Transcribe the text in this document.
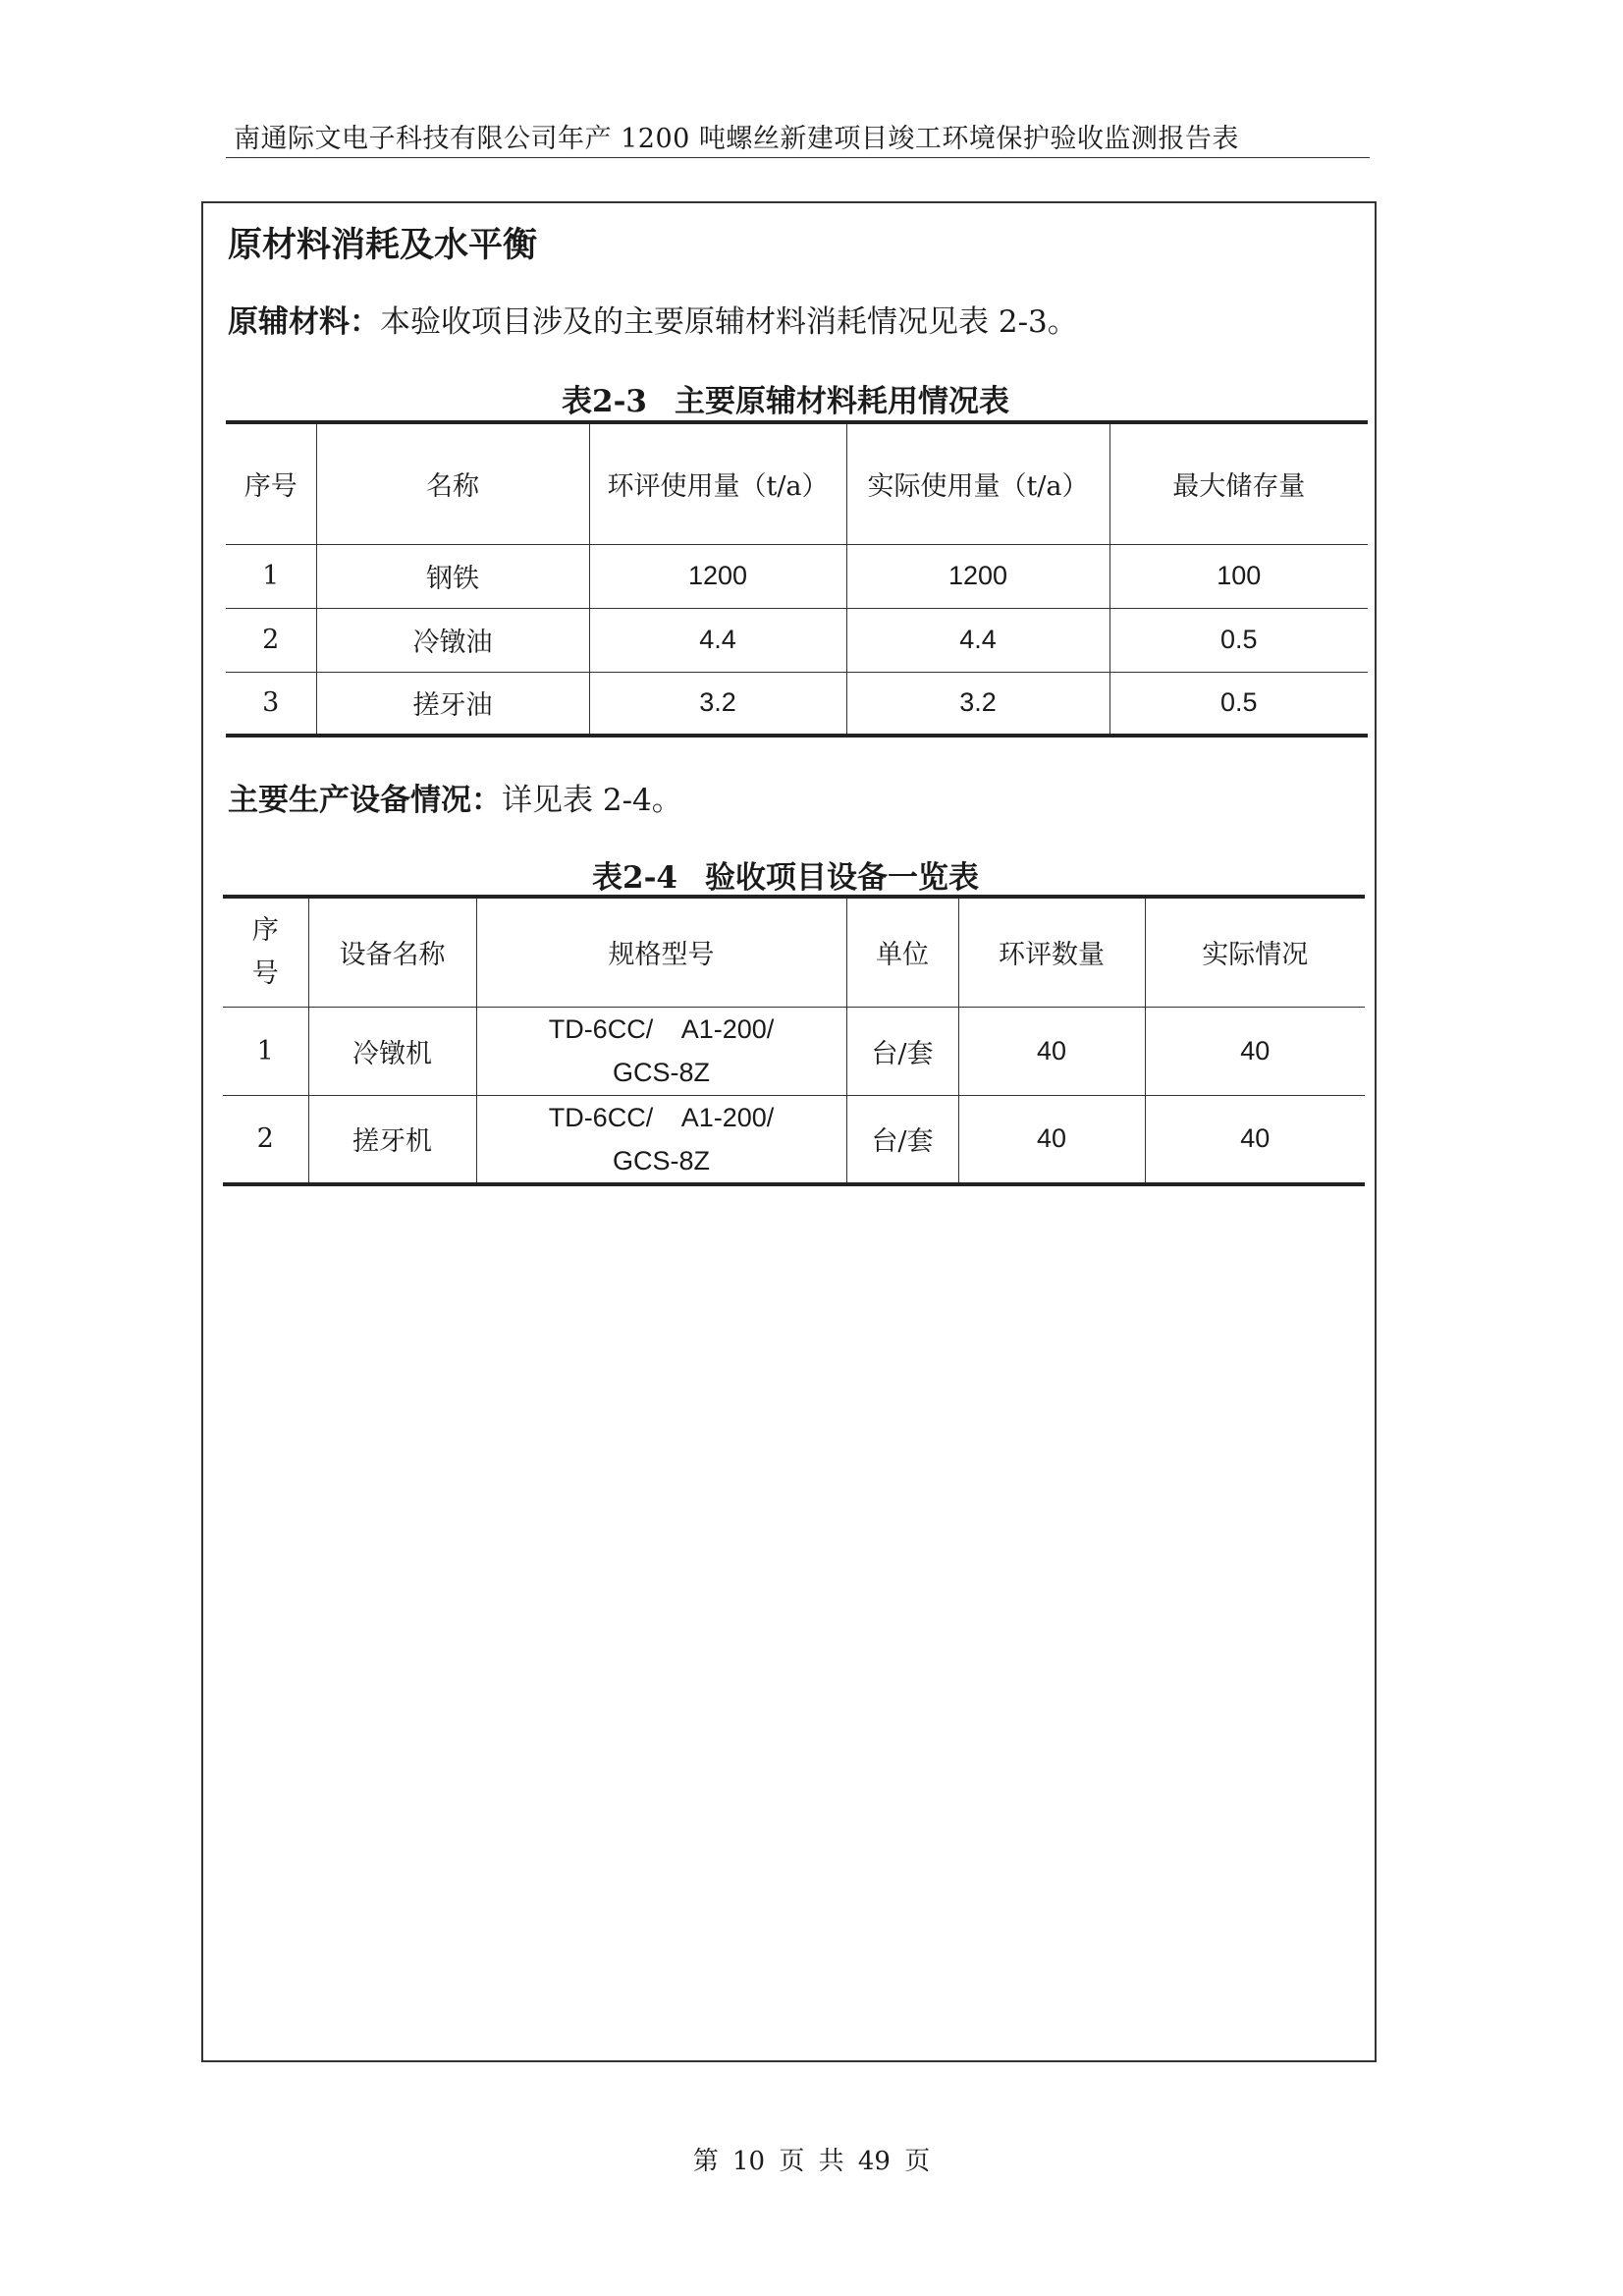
南通际文电子科技有限公司年产 1200 吨螺丝新建项目竣工环境保护验收监测报告表
原材料消耗及水平衡
原辅材料：本验收项目涉及的主要原辅材料消耗情况见表 2-3。
表2-3 主要原辅材料耗用情况表
序号	名称	环评使用量（t/a）	实际使用量（t/a）	最大储存量
1	钢铁	1200	1200	100
2	冷镦油	4.4	4.4	0.5
3	搓牙油	3.2	3.2	0.5
主要生产设备情况：详见表 2-4。
表2-4 验收项目设备一览表
序号	设备名称	规格型号	单位	环评数量	实际情况
1	冷镦机	TD-6CC/    A1-200/
GCS-8Z	台/套	40	40
2	搓牙机	TD-6CC/    A1-200/
GCS-8Z	台/套	40	40
第 10 页 共 49 页
